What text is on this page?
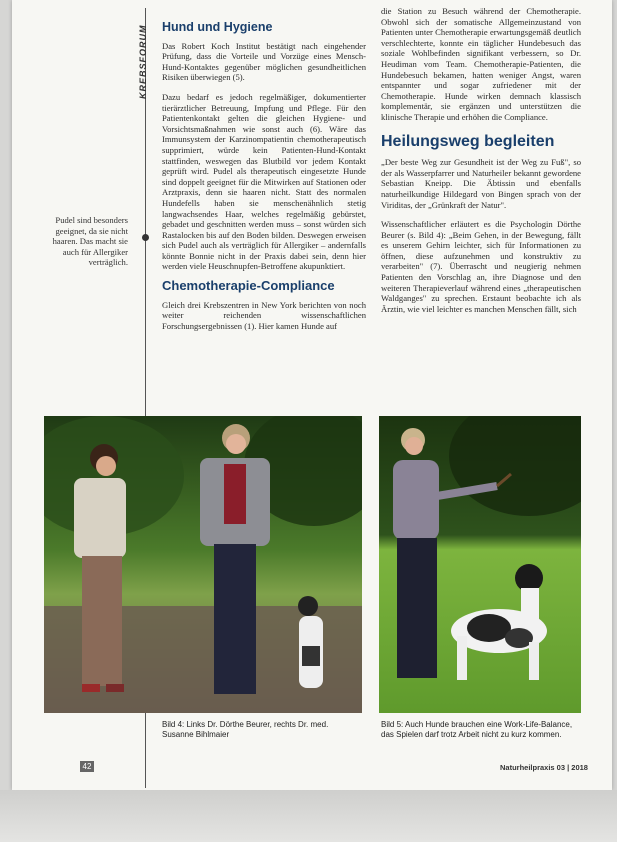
KREBSFORUM
Pudel sind besonders geeignet, da sie nicht haaren. Das macht sie auch für Allergiker verträglich.
Hund und Hygiene

Das Robert Koch Institut bestätigt nach eingehender Prüfung, dass die Vorteile und Vorzüge eines Mensch-Hund-Kontaktes gegenüber möglichen gesundheitlichen Risiken überwiegen (5).

Dazu bedarf es jedoch regelmäßiger, dokumentierter tierärztlicher Betreuung, Impfung und Pflege. Für den Patientenkontakt gelten die gleichen Hygiene- und Vorsichtsmaßnahmen wie sonst auch (6). Wäre das Immunsystem der Karzinompatientin chemotherapeutisch supprimiert, würde kein Patienten-Hund-Kontakt stattfinden, weswegen das Blutbild vor jedem Kontakt geprüft wird. Pudel als therapeutisch eingesetzte Hunde sind doppelt geeignet für die Mitwirken auf Stationen oder Arztpraxis, denn sie haaren nicht. Statt des normalen Hundefells haben sie menschenähnlich stetig langwachsendes Haar, welches regelmäßig gebürstet, gebadet und geschnitten werden muss – sonst würden sich Rastalocken bis auf den Boden bilden. Deswegen erweisen sich Pudel auch als verträglich für Allergiker – andernfalls könnte Bonnie nicht in der Praxis dabei sein, denn hier werden viele Heuschnupfen-Betroffene akupunktiert.

Chemotherapie-Compliance

Gleich drei Krebszentren in New York berichten von noch weiter reichenden wissenschaftlichen Forschungsergebnissen (1). Hier kamen Hunde auf

die Station zu Besuch während der Chemotherapie. Obwohl sich der somatische Allgemeinzustand von Patienten unter Chemotherapie erwartungsgemäß deutlich verschlechterte, konnte ein täglicher Hundebesuch das soziale Wohlbefinden signifikant verbessern, so Dr. Heudiman vom Team. Chemotherapie-Patienten, die Hundebesuch bekamen, hatten weniger Angst, waren entspannter und sogar zufriedener mit der Chemotherapie. Hunde wirken demnach klassisch komplementär, sie ergänzen und unterstützen die klinische Therapie und erhöhen die Compliance.

Heilungsweg begleiten

„Der beste Weg zur Gesundheit ist der Weg zu Fuß", so der als Wasserpfarrer und Naturheiler bekannt gewordene Sebastian Kneipp. Die Äbtissin und ebenfalls naturheilkundige Hildegard von Bingen sprach von der Viriditas, der „Grünkraft der Natur".

Wissenschaftlicher erläutert es die Psychologin Dörthe Beurer (s. Bild 4): „Beim Gehen, in der Bewegung, fällt es unserem Gehirn leichter, sich für Informationen zu öffnen, diese aufzunehmen und konstruktiv zu verarbeiten" (7). Überrascht und neugierig nehmen Patienten den Vorschlag an, ihre Diagnose und den weiteren Therapieverlauf während eines „therapeutischen Waldganges" zu sprechen. Erstaunt beobachte ich als Ärztin, wie viel leichter es manchen Menschen fällt, sich

Bild 4: Links Dr. Dörthe Beurer, rechts Dr. med. Susanne Bihlmaier
Bild 5: Auch Hunde brauchen eine Work-Life-Balance, das Spielen darf trotz Arbeit nicht zu kurz kommen.
42	Naturheilpraxis 03 | 2018
